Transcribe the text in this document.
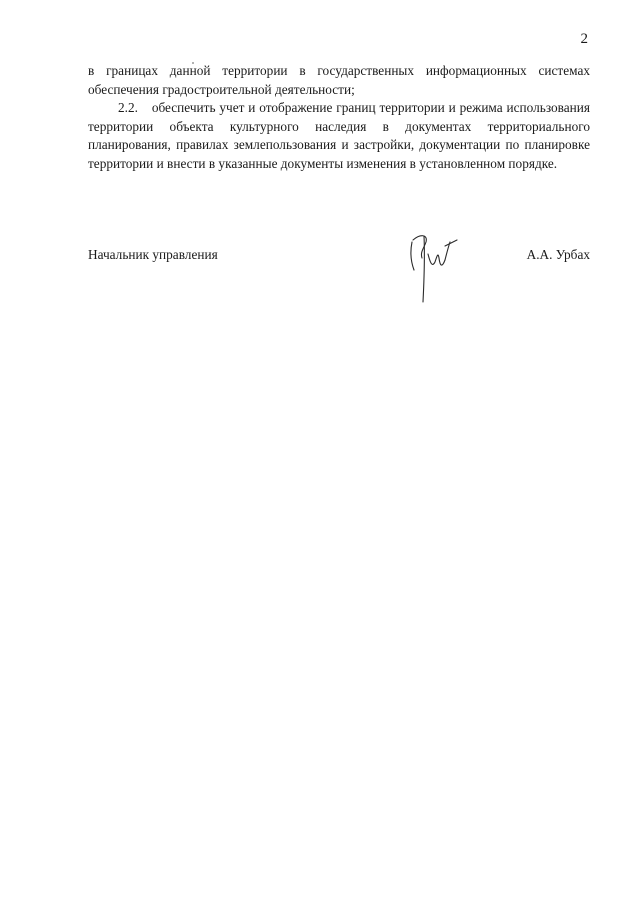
2

в границах данной территории в государственных информационных системах обеспечения градостроительной деятельности;

2.2. обеспечить учет и отображение границ территории и режима использования территории объекта культурного наследия в документах территориального планирования, правилах землепользования и застройки, документации по планировке территории и внести в указанные документы изменения в установленном порядке.

Начальник управления	А.А. Урбах
